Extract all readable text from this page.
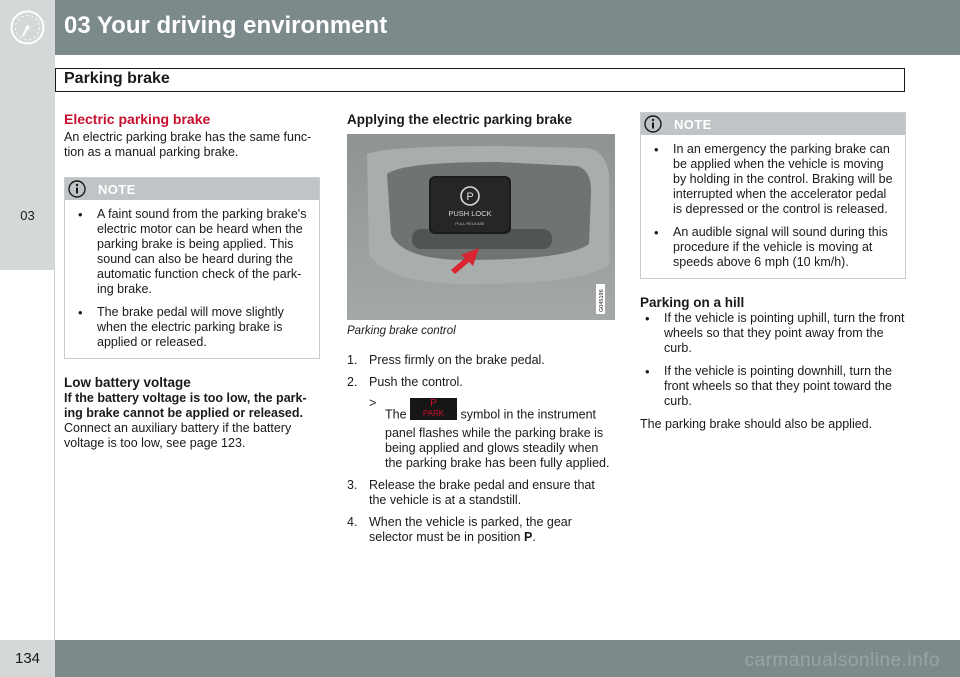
03 Your driving environment
03
Parking brake
Electric parking brake

An electric parking brake has the same func-tion as a manual parking brake.

NOTE
• A faint sound from the parking brake's electric motor can be heard when the parking brake is being applied. This sound can also be heard during the automatic function check of the park-ing brake.
• The brake pedal will move slightly when the electric parking brake is applied or released.
Low battery voltage
If the battery voltage is too low, the park-ing brake cannot be applied or released.

Connect an auxiliary battery if the battery voltage is too low, see page 123.

Applying the electric parking brake
P
PUSH LOCK
PULL RELEASE
G045196
Parking brake control
1. Press firmly on the brake pedal.
2. Push the control.
>
The
P
PARK	symbol in the instrument panel flashes while the parking brake is being applied and glows steadily when the parking brake has been fully applied.
3. Release the brake pedal and ensure that the vehicle is at a standstill.
4. When the vehicle is parked, the gear selector must be in position P.
NOTE
• In an emergency the parking brake can be applied when the vehicle is moving by holding in the control. Braking will be interrupted when the accelerator pedal is depressed or the control is released.
• An audible signal will sound during this procedure if the vehicle is moving at speeds above 6 mph (10 km/h).
Parking on a hill
• If the vehicle is pointing uphill, turn the front wheels so that they point away from the curb.
• If the vehicle is pointing downhill, turn the front wheels so that they point toward the curb.

The parking brake should also be applied.

134	carmanualsonline.info
